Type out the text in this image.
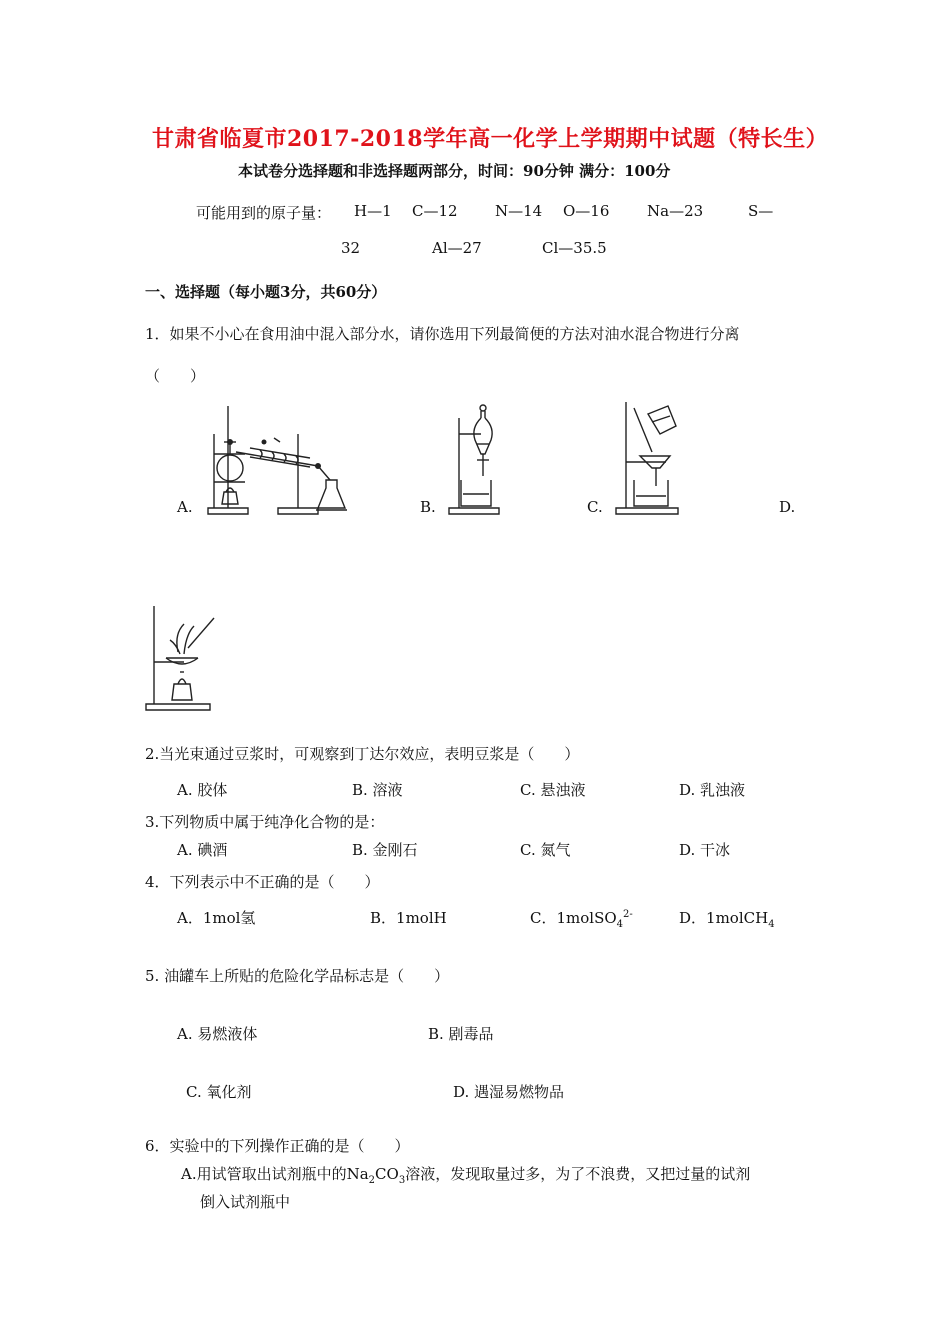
甘肃省临夏市2017-2018学年高一化学上学期期中试题（特长生）
本试卷分选择题和非选择题两部分，时间：90分钟 满分：100分
可能用到的原子量： H—1 C—12 N—14 O—16	Na—23	S—
32	Al—27	Cl—35.5
一、选择题（每小题3分，共60分）
1．如果不小心在食用油中混入部分水，请你选用下列最简便的方法对油水混合物进行分离
（　　）
A.	B.	C.	D.
2.当光束通过豆浆时，可观察到丁达尔效应，表明豆浆是（　　）
A. 胶体	B. 溶液	C. 悬浊液	D. 乳浊液
3.下列物质中属于纯净化合物的是：
A. 碘酒	B. 金刚石	C. 氮气	D. 干冰
4．下列表示中不正确的是（　　）
A．1mol氢	B．1molH	C．1molSO$_4^{2-}$	D．1molCH$_4$
5. 油罐车上所贴的危险化学品标志是（　　）
A. 易燃液体	B. 剧毒品
C. 氧化剂	D. 遇湿易燃物品
6．实验中的下列操作正确的是（　　）
A.用试管取出试剂瓶中的$Na_2CO_3$溶液，发现取量过多，为了不浪费，又把过量的试剂
倒入试剂瓶中
